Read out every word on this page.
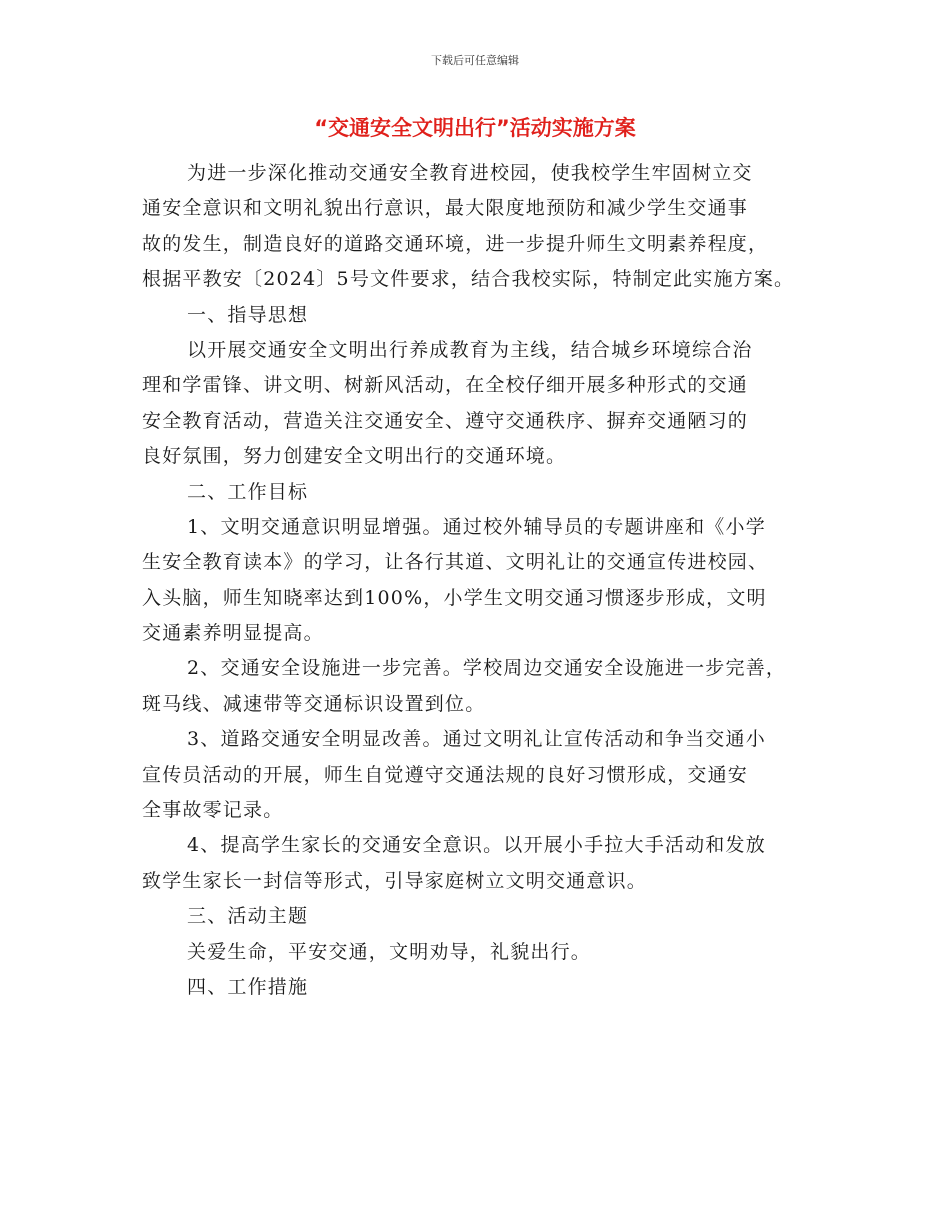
下载后可任意编辑
“交通安全文明出行”活动实施方案
为进一步深化推动交通安全教育进校园，使我校学生牢固树立交
通安全意识和文明礼貌出行意识，最大限度地预防和减少学生交通事
故的发生，制造良好的道路交通环境，进一步提升师生文明素养程度，
根据平教安〔2024〕5号文件要求，结合我校实际，特制定此实施方案。
一、指导思想
以开展交通安全文明出行养成教育为主线，结合城乡环境综合治
理和学雷锋、讲文明、树新风活动，在全校仔细开展多种形式的交通
安全教育活动，营造关注交通安全、遵守交通秩序、摒弃交通陋习的
良好氛围，努力创建安全文明出行的交通环境。
二、工作目标
1、文明交通意识明显增强。通过校外辅导员的专题讲座和《小学
生安全教育读本》的学习，让各行其道、文明礼让的交通宣传进校园、
入头脑，师生知晓率达到100%，小学生文明交通习惯逐步形成，文明
交通素养明显提高。
2、交通安全设施进一步完善。学校周边交通安全设施进一步完善，
斑马线、减速带等交通标识设置到位。
3、道路交通安全明显改善。通过文明礼让宣传活动和争当交通小
宣传员活动的开展，师生自觉遵守交通法规的良好习惯形成，交通安
全事故零记录。
4、提高学生家长的交通安全意识。以开展小手拉大手活动和发放
致学生家长一封信等形式，引导家庭树立文明交通意识。
三、活动主题
关爱生命，平安交通，文明劝导，礼貌出行。
四、工作措施
